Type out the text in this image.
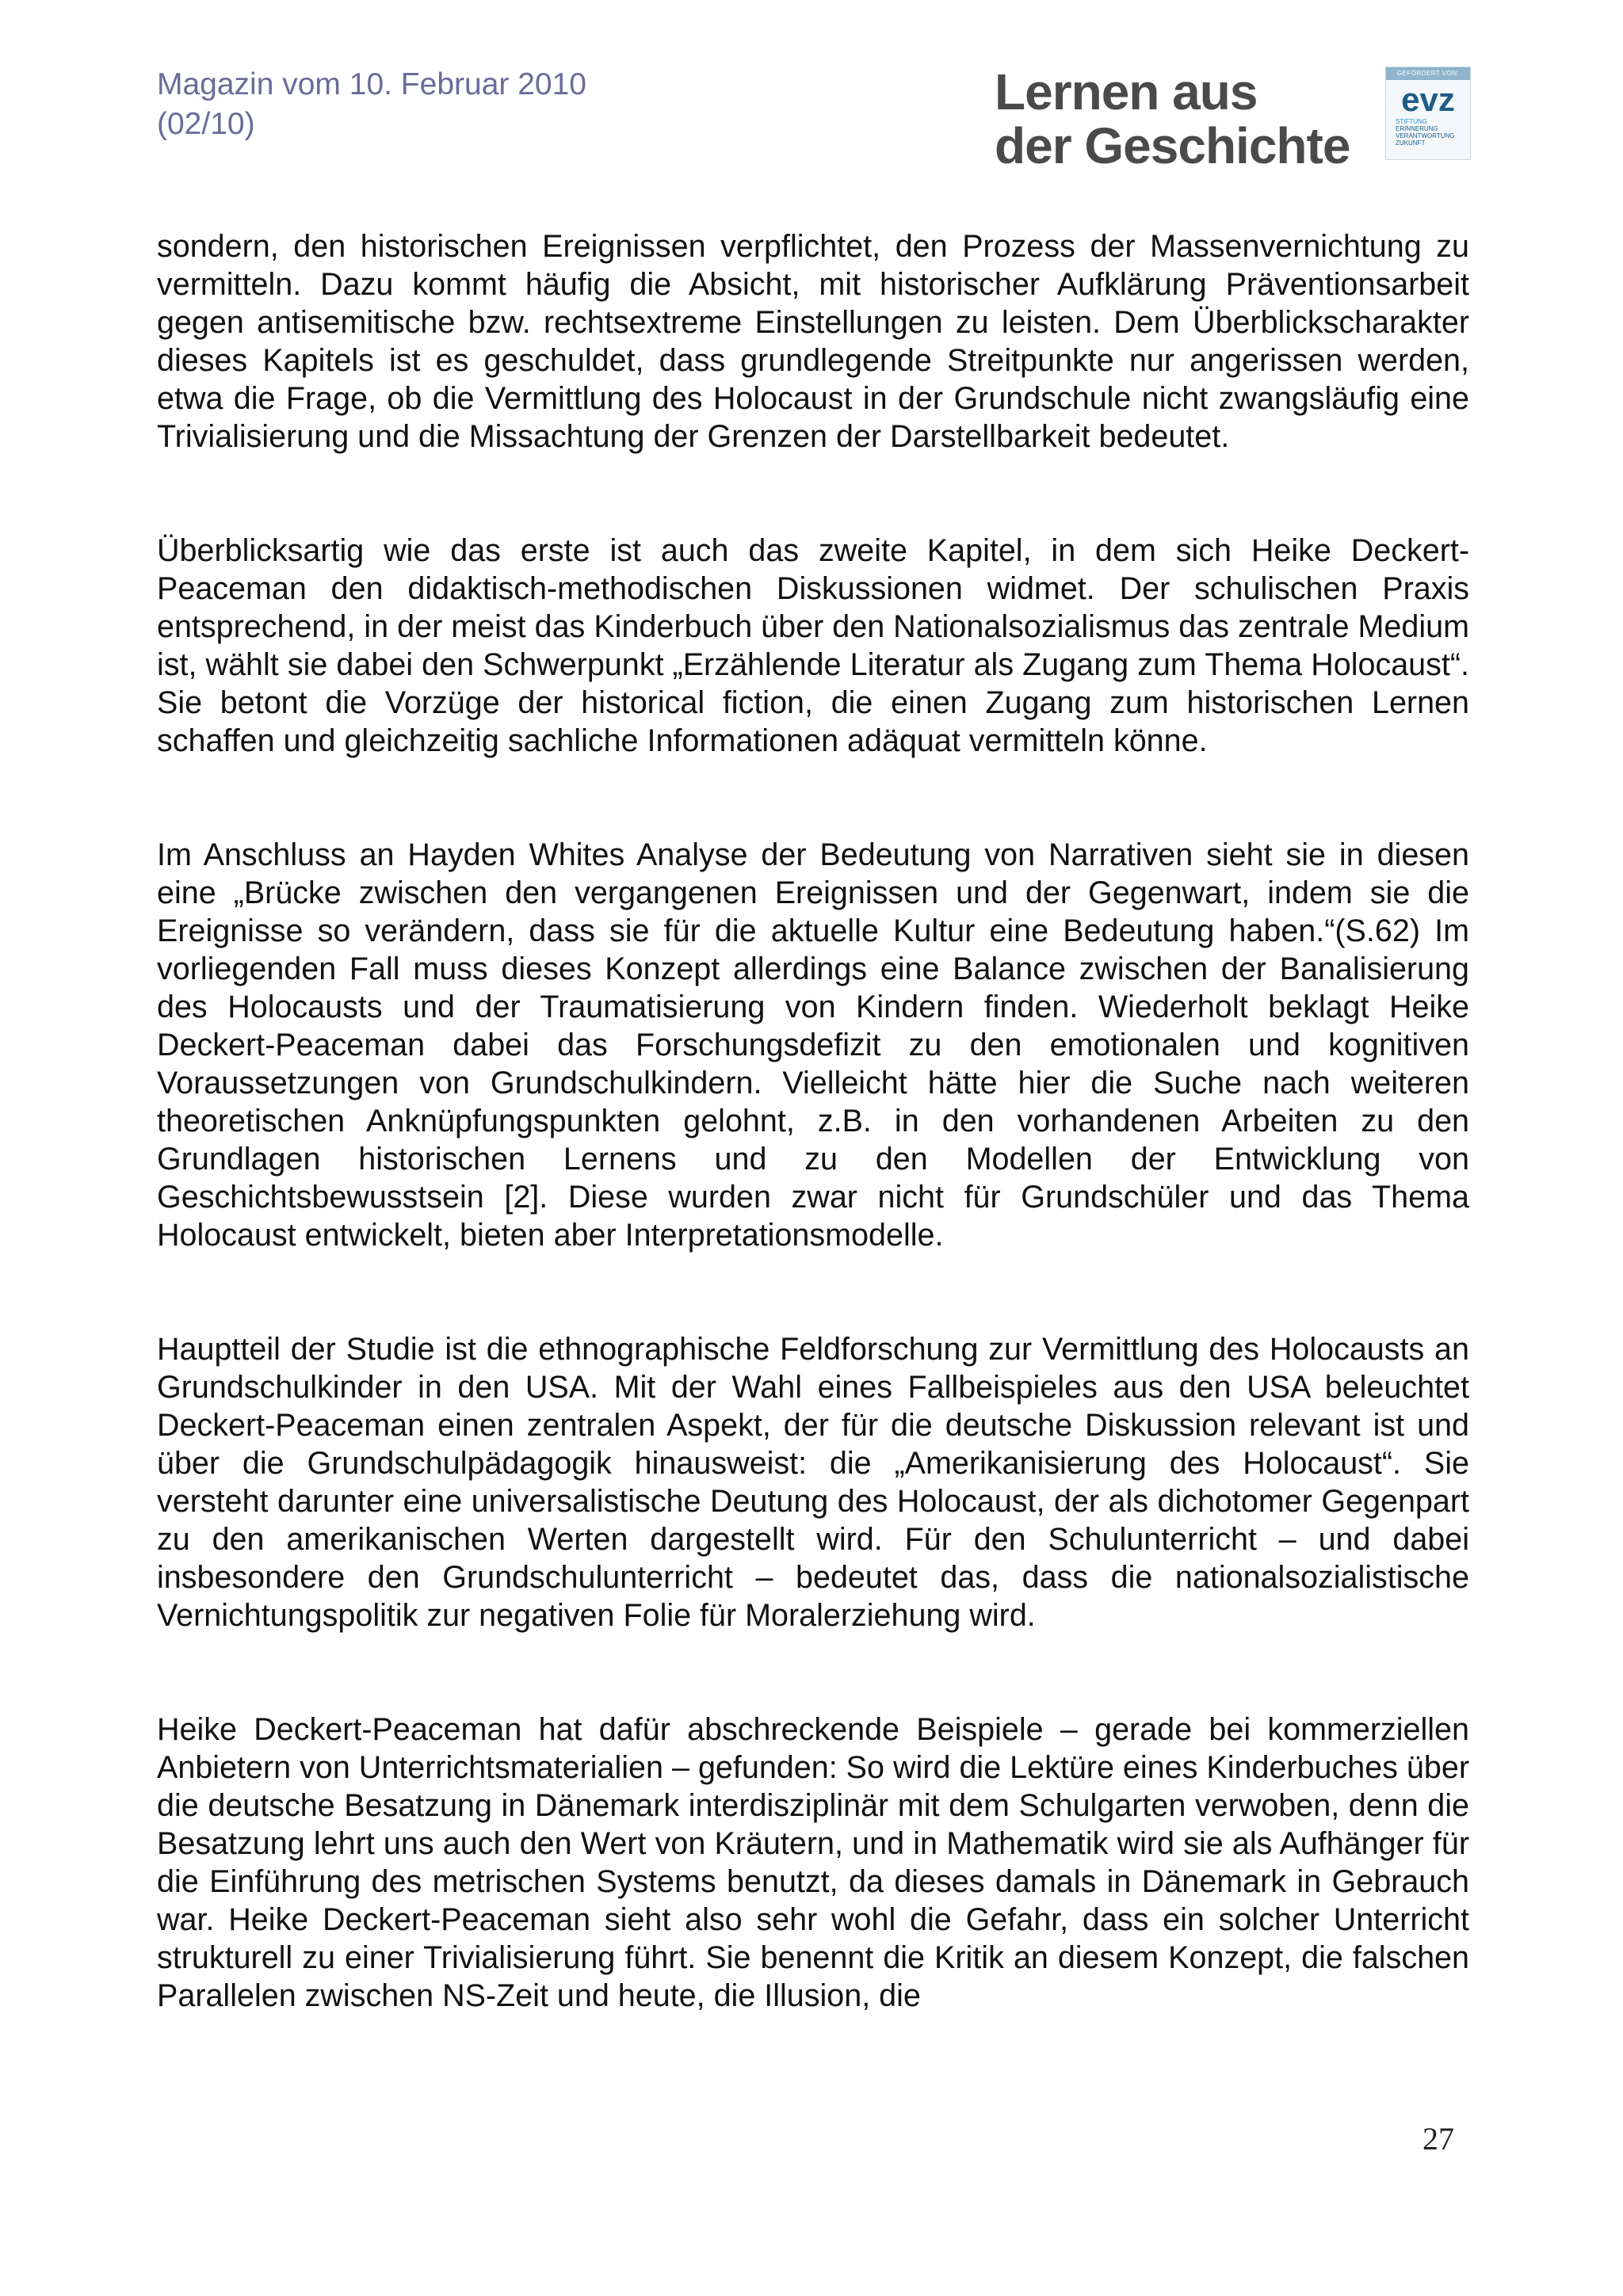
Magazin vom 10. Februar 2010
(02/10)
Lernen aus
der Geschichte
GEFÖRDERT VON:
evz
STIFTUNG
ERINNERUNG
VERANTWORTUNG
ZUKUNFT

sondern, den historischen Ereignissen verpflichtet, den Prozess der Massenvernichtung zu vermitteln. Dazu kommt häufig die Absicht, mit historischer Aufklärung Präventionsarbeit gegen antisemitische bzw. rechtsextreme Einstellungen zu leisten. Dem Überblickscharakter dieses Kapitels ist es geschuldet, dass grundlegende Streitpunkte nur angerissen werden, etwa die Frage, ob die Vermittlung des Holocaust in der Grundschule nicht zwangsläufig eine Trivialisierung und die Missachtung der Grenzen der Darstellbarkeit bedeutet.

Überblicksartig wie das erste ist auch das zweite Kapitel, in dem sich Heike Deckert-Peaceman den didaktisch-methodischen Diskussionen widmet. Der schulischen Praxis entsprechend, in der meist das Kinderbuch über den Nationalsozialismus das zentrale Medium ist, wählt sie dabei den Schwerpunkt „Erzählende Literatur als Zugang zum Thema Holocaust“. Sie betont die Vorzüge der historical fiction, die einen Zugang zum historischen Lernen schaffen und gleichzeitig sachliche Informationen adäquat vermitteln könne.

Im Anschluss an Hayden Whites Analyse der Bedeutung von Narrativen sieht sie in diesen eine „Brücke zwischen den vergangenen Ereignissen und der Gegenwart, indem sie die Ereignisse so verändern, dass sie für die aktuelle Kultur eine Bedeutung haben.“(S.62) Im vorliegenden Fall muss dieses Konzept allerdings eine Balance zwischen der Banalisierung des Holocausts und der Traumatisierung von Kindern finden. Wiederholt beklagt Heike Deckert-Peaceman dabei das Forschungsdefizit zu den emotionalen und kognitiven Voraussetzungen von Grundschulkindern. Vielleicht hätte hier die Suche nach weiteren theoretischen Anknüpfungspunkten gelohnt, z.B. in den vorhandenen Arbeiten zu den Grundlagen historischen Lernens und zu den Modellen der Entwicklung von Geschichtsbewusstsein [2]. Diese wurden zwar nicht für Grundschüler und das Thema Holocaust entwickelt, bieten aber Interpretationsmodelle.

Hauptteil der Studie ist die ethnographische Feldforschung zur Vermittlung des Holocausts an Grundschulkinder in den USA. Mit der Wahl eines Fallbeispieles aus den USA beleuchtet Deckert-Peaceman einen zentralen Aspekt, der für die deutsche Diskussion relevant ist und über die Grundschulpädagogik hinausweist: die „Amerikanisierung des Holocaust“. Sie versteht darunter eine universalistische Deutung des Holocaust, der als dichotomer Gegenpart zu den amerikanischen Werten dargestellt wird. Für den Schulunterricht – und dabei insbesondere den Grundschulunterricht – bedeutet das, dass die nationalsozialistische Vernichtungspolitik zur negativen Folie für Moralerziehung wird.

Heike Deckert-Peaceman hat dafür abschreckende Beispiele – gerade bei kommerziellen Anbietern von Unterrichtsmaterialien – gefunden: So wird die Lektüre eines Kinderbuches über die deutsche Besatzung in Dänemark interdisziplinär mit dem Schulgarten verwoben, denn die Besatzung lehrt uns auch den Wert von Kräutern, und in Mathematik wird sie als Aufhänger für die Einführung des metrischen Systems benutzt, da dieses damals in Dänemark in Gebrauch war. Heike Deckert-Peaceman sieht also sehr wohl die Gefahr, dass ein solcher Unterricht strukturell zu einer Trivialisierung führt. Sie benennt die Kritik an diesem Konzept, die falschen Parallelen zwischen NS-Zeit und heute, die Illusion, die

27
